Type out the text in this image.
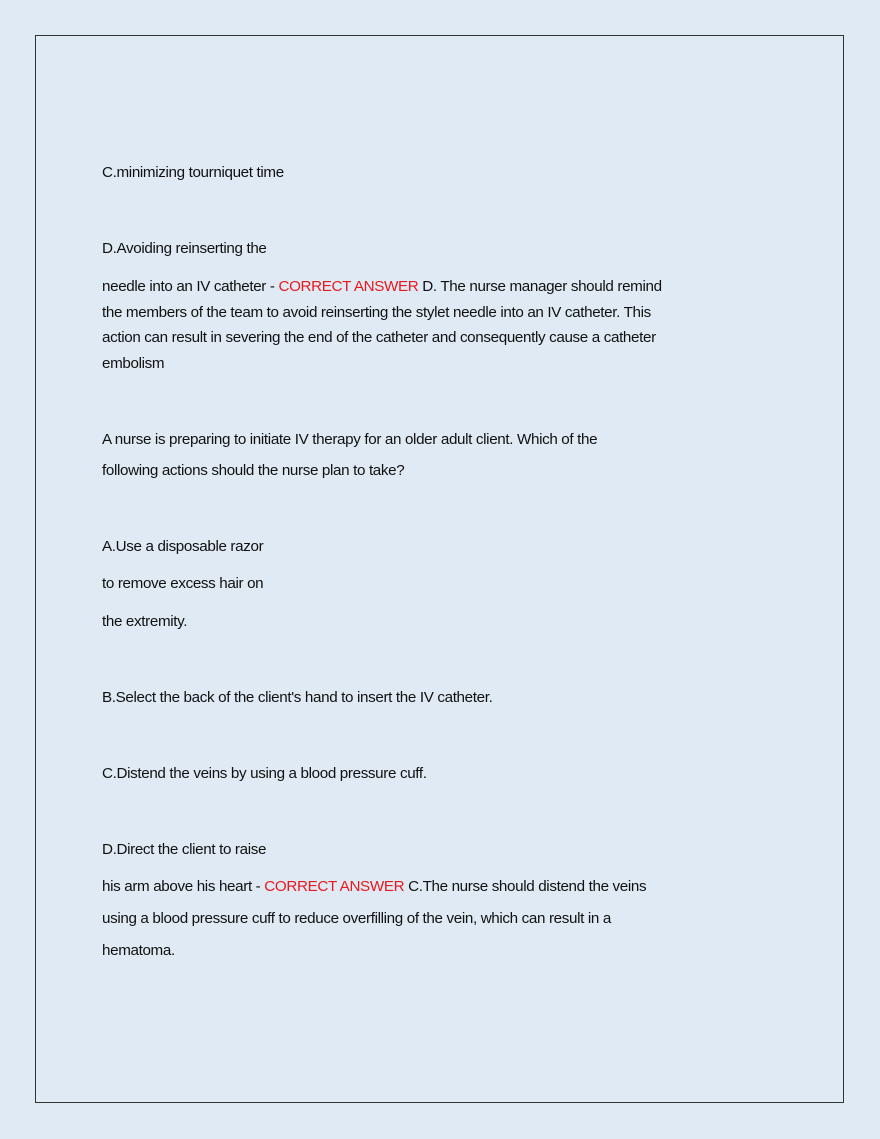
C.minimizing tourniquet time
D.Avoiding reinserting the
needle into an IV catheter - CORRECT ANSWER D. The nurse manager should remind
the members of the team to avoid reinserting the stylet needle into an IV catheter. This
action can result in severing the end of the catheter and consequently cause a catheter
embolism
A nurse is preparing to initiate IV therapy for an older adult client. Which of the
following actions should the nurse plan to take?
A.Use a disposable razor
to remove excess hair on
the extremity.
B.Select the back of the client's hand to insert the IV catheter.
C.Distend the veins by using a blood pressure cuff.
D.Direct the client to raise
his arm above his heart - CORRECT ANSWER C.The nurse should distend the veins
using a blood pressure cuff to reduce overfilling of the vein, which can result in a
hematoma.
